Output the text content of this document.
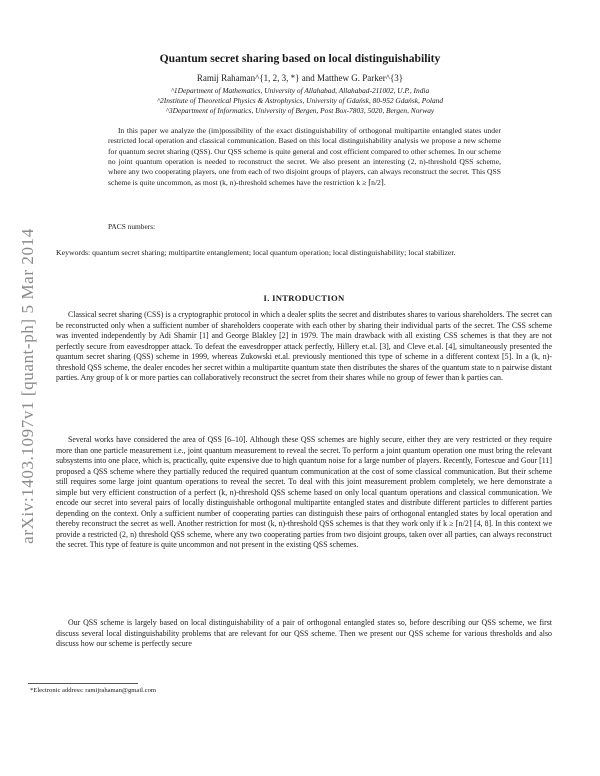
arXiv:1403.1097v1 [quant-ph] 5 Mar 2014
Quantum secret sharing based on local distinguishability
Ramij Rahaman^{1, 2, 3, *} and Matthew G. Parker^{3}
^1Department of Mathematics, University of Allahabad, Allahabad-211002, U.P., India
^2Institute of Theoretical Physics & Astrophysics, University of Gdańsk, 80-952 Gdańsk, Poland
^3Department of Informatics, University of Bergen, Post Box-7803, 5020, Bergen, Norway

In this paper we analyze the (im)possibility of the exact distinguishability of orthogonal multipartite entangled states under restricted local operation and classical communication. Based on this local distinguishability analysis we propose a new scheme for quantum secret sharing (QSS). Our QSS scheme is quite general and cost efficient compared to other schemes. In our scheme no joint quantum operation is needed to reconstruct the secret. We also present an interesting (2, n)-threshold QSS scheme, where any two cooperating players, one from each of two disjoint groups of players, can always reconstruct the secret. This QSS scheme is quite uncommon, as most (k, n)-threshold schemes have the restriction k ≥ ⌈n/2⌉.

PACS numbers:
Keywords: quantum secret sharing; multipartite entanglement; local quantum operation; local distinguishability; local stabilizer.
I. INTRODUCTION

Classical secret sharing (CSS) is a cryptographic protocol in which a dealer splits the secret and distributes shares to various shareholders. The secret can be reconstructed only when a sufficient number of shareholders cooperate with each other by sharing their individual parts of the secret. The CSS scheme was invented independently by Adi Shamir [1] and George Blakley [2] in 1979. The main drawback with all existing CSS schemes is that they are not perfectly secure from eavesdropper attack. To defeat the eavesdropper attack perfectly, Hillery et.al. [3], and Cleve et.al. [4], simultaneously presented the quantum secret sharing (QSS) scheme in 1999, whereas Zukowski et.al. previously mentioned this type of scheme in a different context [5]. In a (k, n)-threshold QSS scheme, the dealer encodes her secret within a multipartite quantum state then distributes the shares of the quantum state to n pairwise distant parties. Any group of k or more parties can collaboratively reconstruct the secret from their shares while no group of fewer than k parties can.

Several works have considered the area of QSS [6–10]. Although these QSS schemes are highly secure, either they are very restricted or they require more than one particle measurement i.e., joint quantum measurement to reveal the secret. To perform a joint quantum operation one must bring the relevant subsystems into one place, which is, practically, quite expensive due to high quantum noise for a large number of players. Recently, Fortescue and Gour [11] proposed a QSS scheme where they partially reduced the required quantum communication at the cost of some classical communication. But their scheme still requires some large joint quantum operations to reveal the secret. To deal with this joint measurement problem completely, we here demonstrate a simple but very efficient construction of a perfect (k, n)-threshold QSS scheme based on only local quantum operations and classical communication. We encode our secret into several pairs of locally distinguishable orthogonal multipartite entangled states and distribute different particles to different parties depending on the context. Only a sufficient number of cooperating parties can distinguish these pairs of orthogonal entangled states by local operation and thereby reconstruct the secret as well. Another restriction for most (k, n)-threshold QSS schemes is that they work only if k ≥ ⌈n/2⌉ [4, 8]. In this context we provide a restricted (2, n) threshold QSS scheme, where any two cooperating parties from two disjoint groups, taken over all parties, can always reconstruct the secret. This type of feature is quite uncommon and not present in the existing QSS schemes.

Our QSS scheme is largely based on local distinguishability of a pair of orthogonal entangled states so, before describing our QSS scheme, we first discuss several local distinguishability problems that are relevant for our QSS scheme. Then we present our QSS scheme for various thresholds and also discuss how our scheme is perfectly secure

*Electronic address: ramijrahaman@gmail.com
